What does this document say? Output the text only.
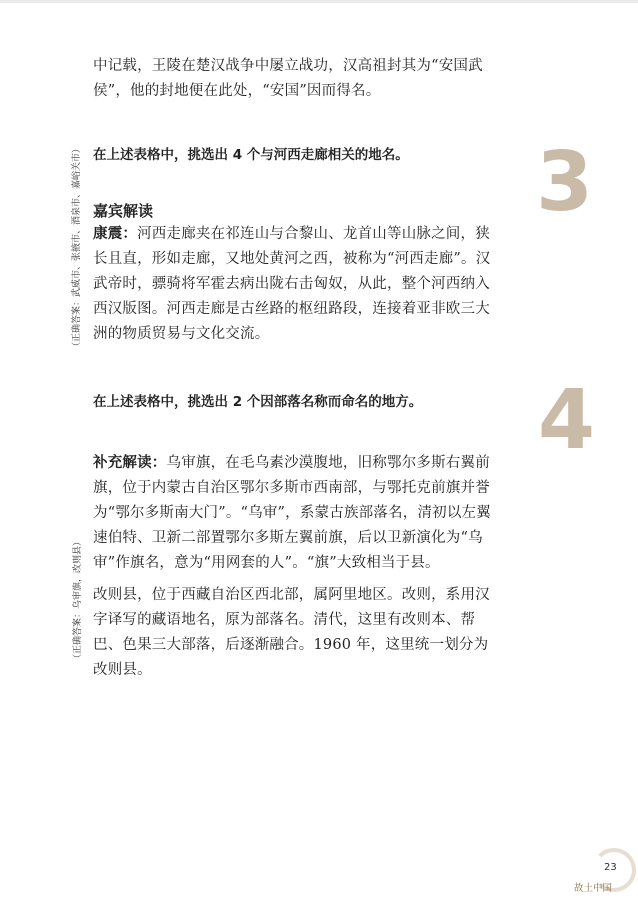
中记载，王陵在楚汉战争中屡立战功，汉高祖封其为“安国武侯”，他的封地便在此处，“安国”因而得名。

在上述表格中，挑选出 4 个与河西走廊相关的地名。	3
（正确答案：武威市、张掖市、酒泉市、嘉峪关市） 嘉宾解读

康震：河西走廊夹在祁连山与合黎山、龙首山等山脉之间，狭长且直，形如走廊，又地处黄河之西，被称为“河西走廊”。汉武帝时，骠骑将军霍去病出陇右击匈奴，从此，整个河西纳入西汉版图。河西走廊是古丝路的枢纽路段，连接着亚非欧三大洲的物质贸易与文化交流。

在上述表格中，挑选出 2 个因部落名称而命名的地方。	4
（正确答案：乌审旗，改则县）

补充解读：乌审旗，在毛乌素沙漠腹地，旧称鄂尔多斯右翼前旗，位于内蒙古自治区鄂尔多斯市西南部，与鄂托克前旗并誉为“鄂尔多斯南大门”。“乌审”，系蒙古族部落名，清初以左翼速伯特、卫新二部置鄂尔多斯左翼前旗，后以卫新演化为“乌审”作旗名，意为“用网套的人”。“旗”大致相当于县。

改则县，位于西藏自治区西北部，属阿里地区。改则，系用汉字译写的藏语地名，原为部落名。清代，这里有改则本、帮巴、色果三大部落，后逐渐融合。1960 年，这里统一划分为改则县。

23
故土中国
